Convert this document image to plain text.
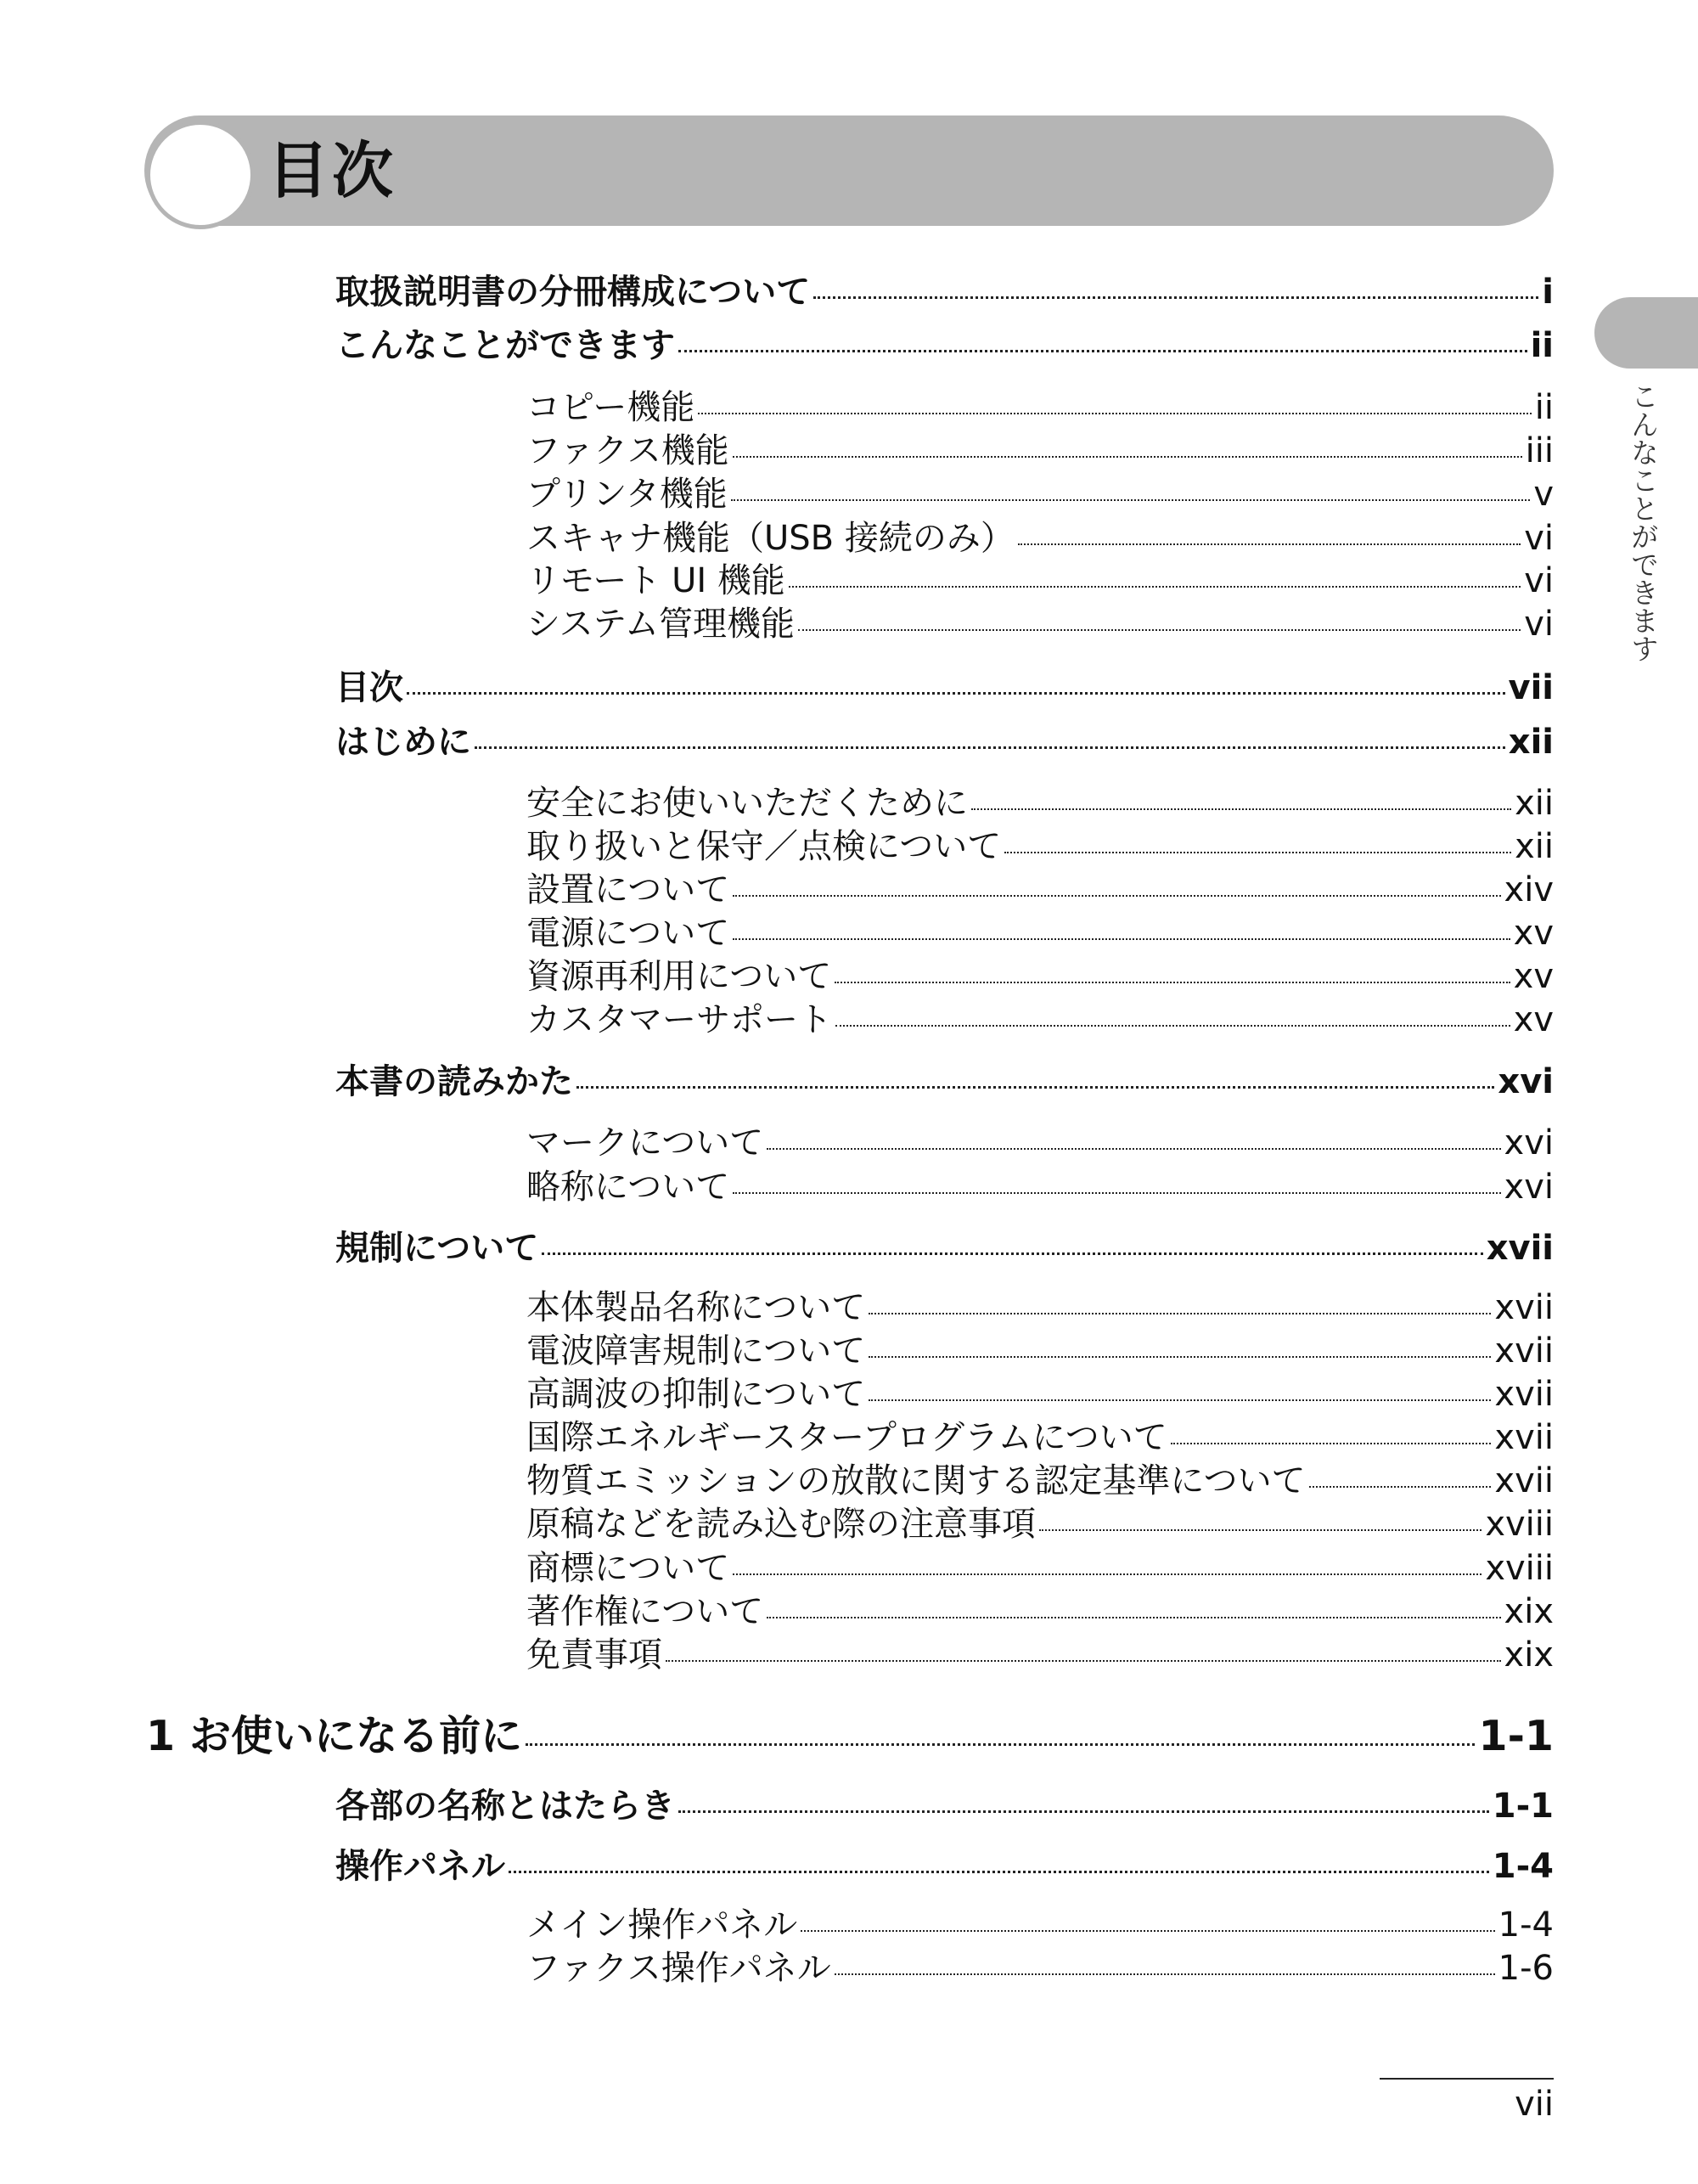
目次
こんなことができます
取扱説明書の分冊構成について	i
こんなことができます	ii
コピー機能	ii
ファクス機能	iii
プリンタ機能	v
スキャナ機能（USB 接続のみ）	vi
リモート UI 機能	vi
システム管理機能	vi
目次	vii
はじめに	xii
安全にお使いいただくために	xii
取り扱いと保守／点検について	xii
設置について	xiv
電源について	xv
資源再利用について	xv
カスタマーサポート	xv
本書の読みかた	xvi
マークについて	xvi
略称について	xvi
規制について	xvii
本体製品名称について	xvii
電波障害規制について	xvii
高調波の抑制について	xvii
国際エネルギースタープログラムについて	xvii
物質エミッションの放散に関する認定基準について	xvii
原稿などを読み込む際の注意事項	xviii
商標について	xviii
著作権について	xix
免責事項	xix
1 お使いになる前に	1-1
各部の名称とはたらき	1-1
操作パネル	1-4
メイン操作パネル	1-4
ファクス操作パネル	1-6
vii
